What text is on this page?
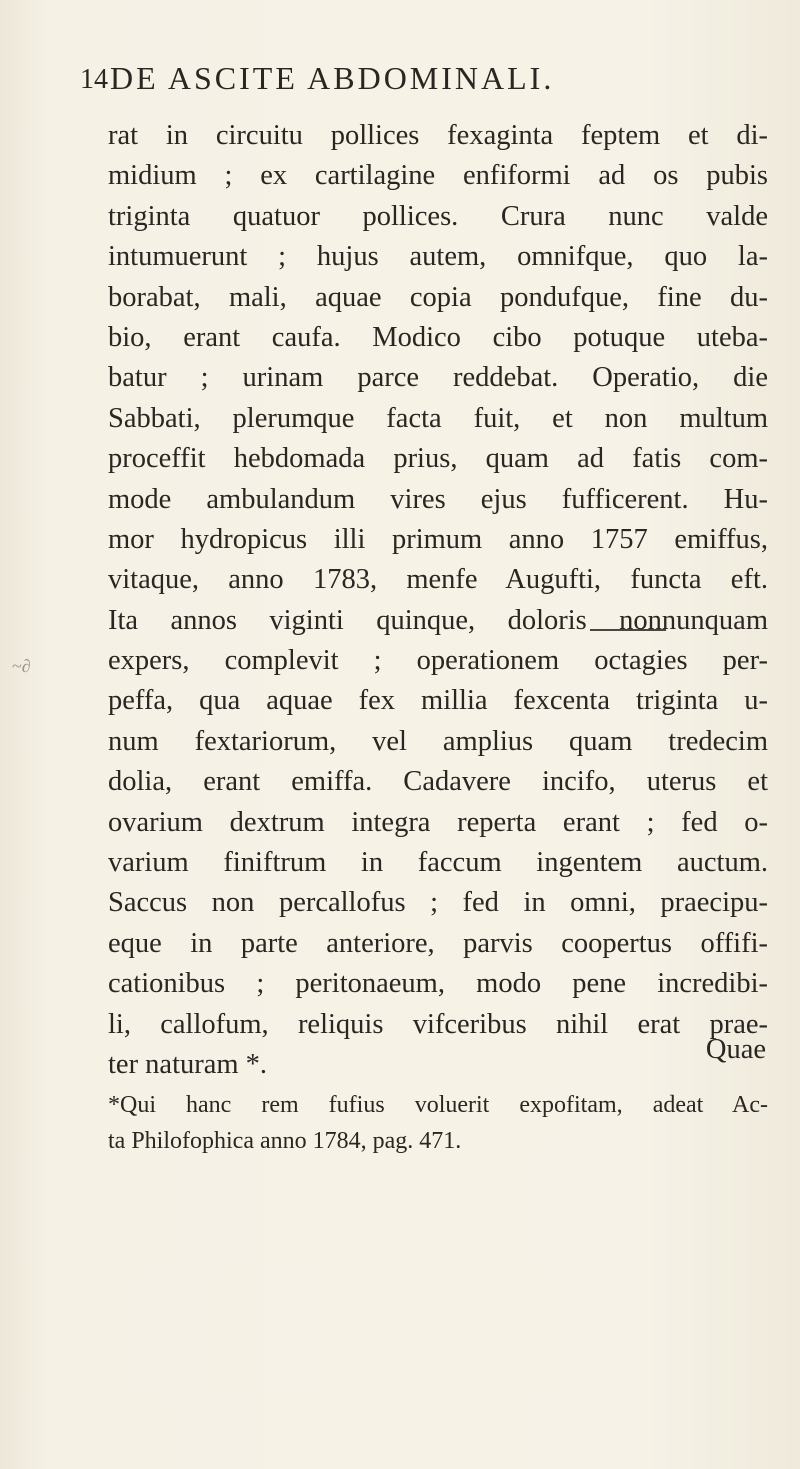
14 DE ASCITE ABDOMINALI.
~∂
rat in circuitu pollices fexaginta feptem et di-
midium ; ex cartilagine enfiformi ad os pubis
triginta quatuor pollices. Crura nunc valde
intumuerunt ; hujus autem, omnifque, quo la-
borabat, mali, aquae copia pondufque, fine du-
bio, erant caufa. Modico cibo potuque uteba-
batur ; urinam parce reddebat. Operatio, die
Sabbati, plerumque facta fuit, et non multum
proceffit hebdomada prius, quam ad fatis com-
mode ambulandum vires ejus fufficerent. Hu-
mor hydropicus illi primum anno 1757 emiffus,
vitaque, anno 1783, menfe Augufti, functa eft.
Ita annos viginti quinque, doloris nonnunquam
expers, complevit ; operationem octagies per-
peffa, qua aquae fex millia fexcenta triginta u-
num fextariorum, vel amplius quam tredecim
dolia, erant emiffa. Cadavere incifo, uterus et
ovarium dextrum integra reperta erant ; fed o-
varium finiftrum in faccum ingentem auctum.
Saccus non percallofus ; fed in omni, praecipu-
eque in parte anteriore, parvis coopertus offifi-
cationibus ; peritonaeum, modo pene incredibi-
li, callofum, reliquis vifceribus nihil erat prae-
ter naturam *.	Quae
*Qui hanc rem fufius voluerit expofitam, adeat Ac-
ta Philofophica anno 1784, pag. 471.
